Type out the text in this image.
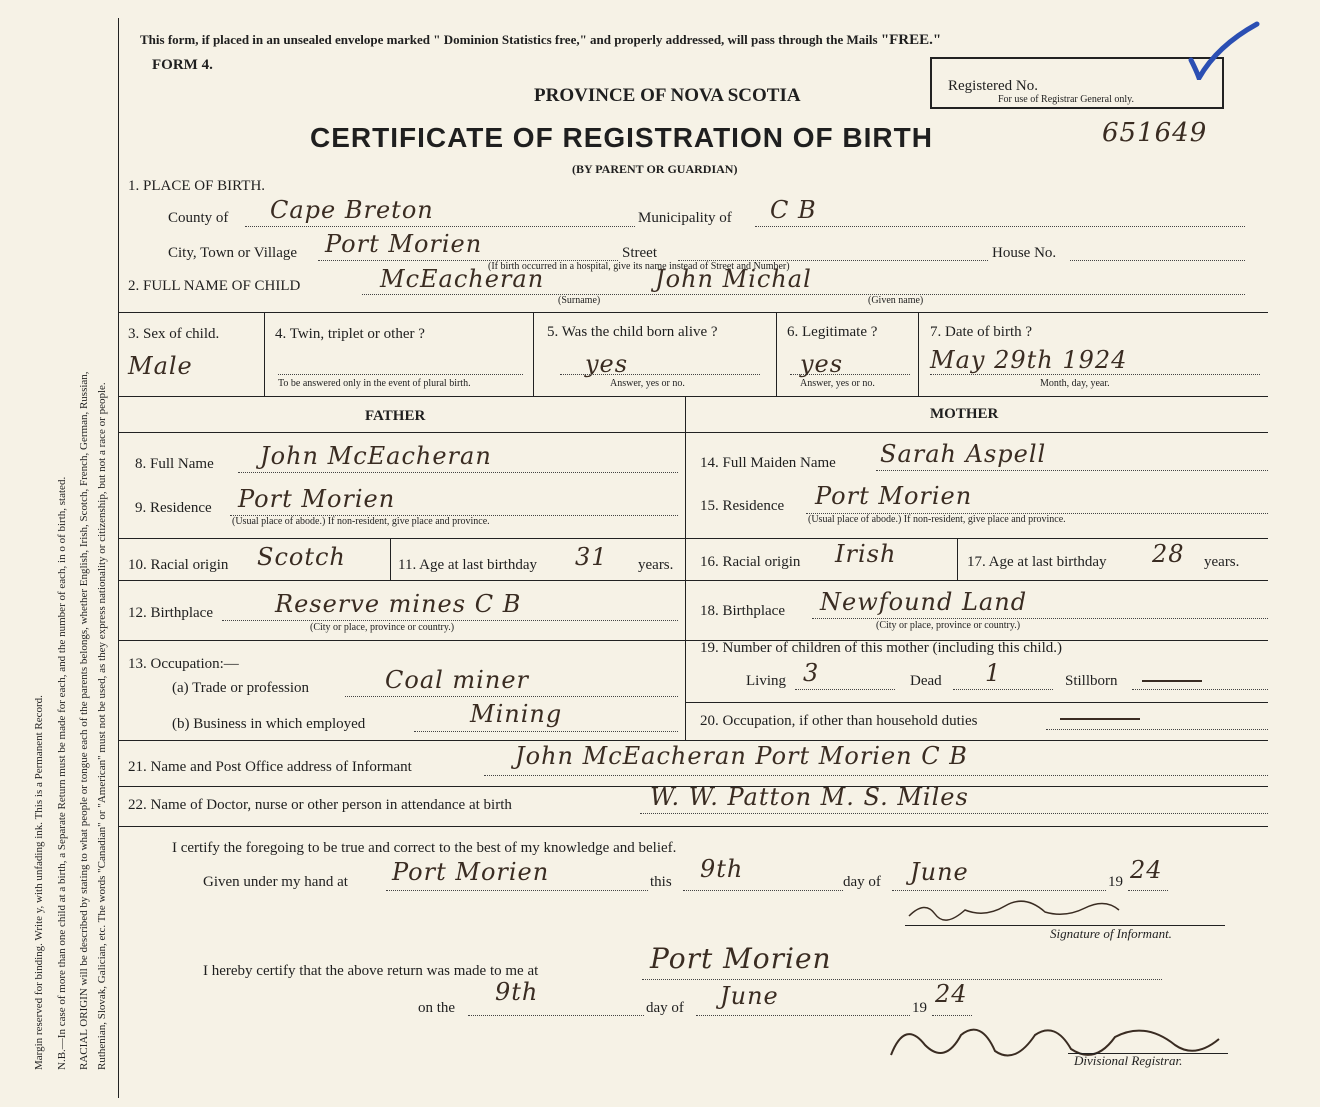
Margin reserved for binding. Write y, with unfading ink. This is a Permanent Record. N.B.—In case of more than one child at a birth, a Separate Return must be made for each, and the number of each, in o of birth, stated. RACIAL ORIGIN will be described by stating to what people or tongue each of the parents belongs, whether English, Irish, Scotch, French, German, Russian, Ruthenian, Slovak, Galician, etc. The words "Canadian" or "American" must not be used, as they express nationality or citizenship, but not a race or people.
This form, if placed in an unsealed envelope marked " Dominion Statistics free," and properly addressed, will pass through the Mails "FREE."
FORM 4.
Registered No.
For use of Registrar General only.
651649
PROVINCE OF NOVA SCOTIA
CERTIFICATE OF REGISTRATION OF BIRTH
(BY PARENT OR GUARDIAN)
1. PLACE OF BIRTH.
County of Cape Breton	Municipality of C B
City, Town or Village Port Morien	Street	House No.
(If birth occurred in a hospital, give its name instead of Street and Number)
2. FULL NAME OF CHILD	McEacheran	John Michal
(Surname)	(Given name)
3. Sex of child.
Male
4. Twin, triplet or other ?
To be answered only in the event of plural birth.
5. Was the child born alive ?
yes
Answer, yes or no.
6. Legitimate ?
yes
Answer, yes or no.
7. Date of birth ?
May 29th 1924
Month, day, year.
FATHER	MOTHER
8. Full Name John McEacheran
9. Residence Port Morien
(Usual place of abode.) If non-resident, give place and province.
10. Racial origin Scotch	11. Age at last birthday 31 years.
12. Birthplace	Reserve mines C B
(City or place, province or country.)
13. Occupation:—
(a) Trade or profession	Coal miner
(b) Business in which employed	Mining
14. Full Maiden Name Sarah Aspell
15. Residence Port Morien
(Usual place of abode.) If non-resident, give place and province.
16. Racial origin Irish	17. Age at last birthday 28 years.
18. Birthplace Newfound Land
(City or place, province or country.)
19. Number of children of this mother (including this child.)
Living 3	Dead 1	Stillborn
20. Occupation, if other than household duties
21. Name and Post Office address of Informant	John McEacheran Port Morien C B
22. Name of Doctor, nurse or other person in attendance at birth	W. W. Patton M. S. Miles
I certify the foregoing to be true and correct to the best of my knowledge and belief.
Given under my hand at Port Morien	this 9th	day of June	19 24
Signature of Informant.
I hereby certify that the above return was made to me at	Port Morien
on the
9th
day of June	19 24
Divisional Registrar.
